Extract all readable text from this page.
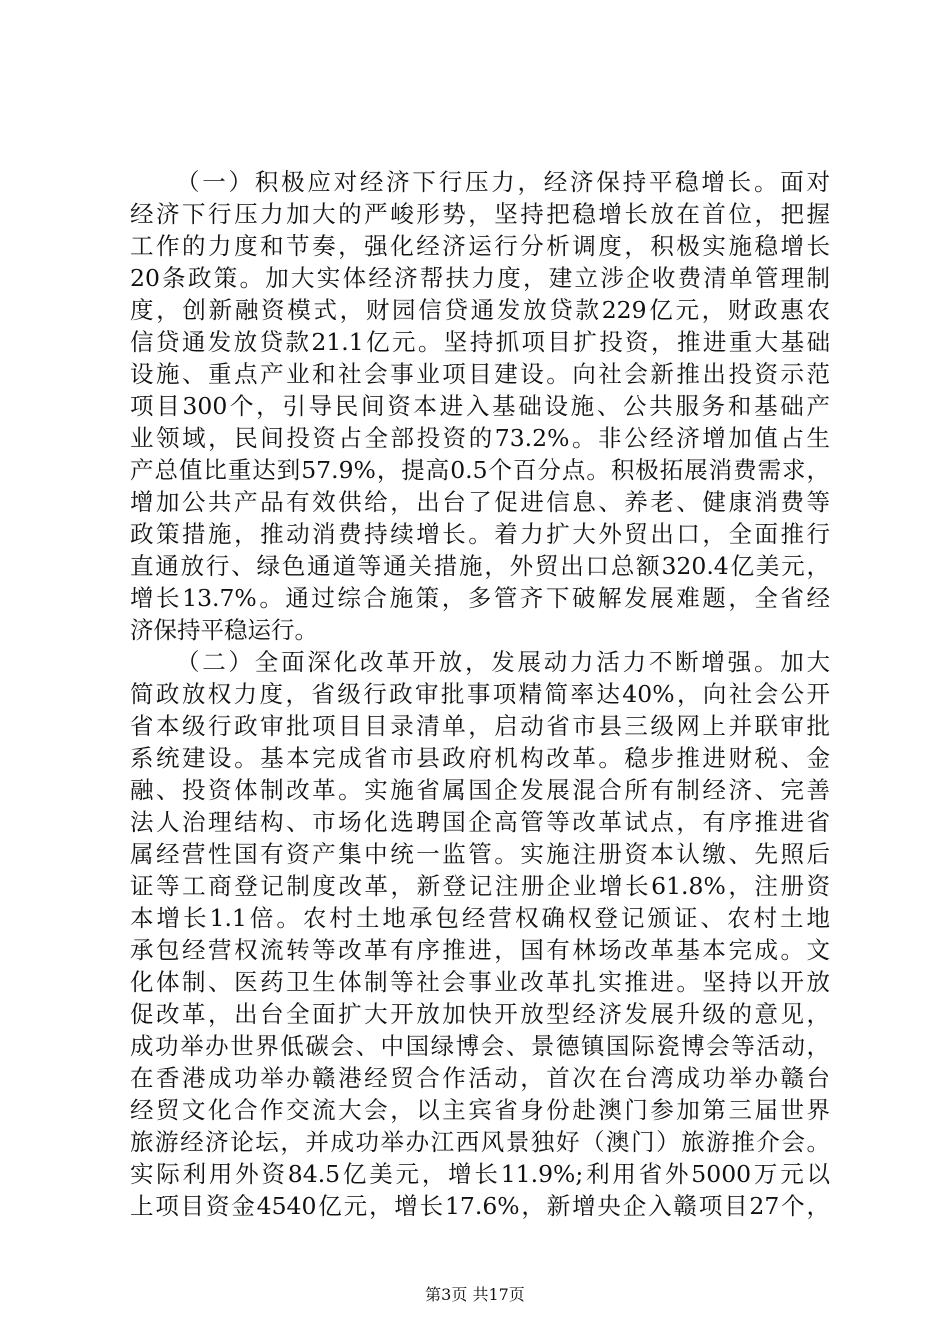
（一）积极应对经济下行压力，经济保持平稳增长。面对
经济下行压力加大的严峻形势，坚持把稳增长放在首位，把握
工作的力度和节奏，强化经济运行分析调度，积极实施稳增长
20条政策。加大实体经济帮扶力度，建立涉企收费清单管理制
度，创新融资模式，财园信贷通发放贷款229亿元，财政惠农
信贷通发放贷款21.1亿元。坚持抓项目扩投资，推进重大基础
设施、重点产业和社会事业项目建设。向社会新推出投资示范
项目300个，引导民间资本进入基础设施、公共服务和基础产
业领域，民间投资占全部投资的73.2%。非公经济增加值占生
产总值比重达到57.9%，提高0.5个百分点。积极拓展消费需求，
增加公共产品有效供给，出台了促进信息、养老、健康消费等
政策措施，推动消费持续增长。着力扩大外贸出口，全面推行
直通放行、绿色通道等通关措施，外贸出口总额320.4亿美元，
增长13.7%。通过综合施策，多管齐下破解发展难题，全省经
济保持平稳运行。
（二）全面深化改革开放，发展动力活力不断增强。加大
简政放权力度，省级行政审批事项精简率达40%，向社会公开
省本级行政审批项目目录清单，启动省市县三级网上并联审批
系统建设。基本完成省市县政府机构改革。稳步推进财税、金
融、投资体制改革。实施省属国企发展混合所有制经济、完善
法人治理结构、市场化选聘国企高管等改革试点，有序推进省
属经营性国有资产集中统一监管。实施注册资本认缴、先照后
证等工商登记制度改革，新登记注册企业增长61.8%，注册资
本增长1.1倍。农村土地承包经营权确权登记颁证、农村土地
承包经营权流转等改革有序推进，国有林场改革基本完成。文
化体制、医药卫生体制等社会事业改革扎实推进。坚持以开放
促改革，出台全面扩大开放加快开放型经济发展升级的意见，
成功举办世界低碳会、中国绿博会、景德镇国际瓷博会等活动，
在香港成功举办赣港经贸合作活动，首次在台湾成功举办赣台
经贸文化合作交流大会，以主宾省身份赴澳门参加第三届世界
旅游经济论坛，并成功举办江西风景独好（澳门）旅游推介会。
实际利用外资84.5亿美元，增长11.9%;利用省外5000万元以
上项目资金4540亿元，增长17.6%，新增央企入赣项目27个，
第3页 共17页
